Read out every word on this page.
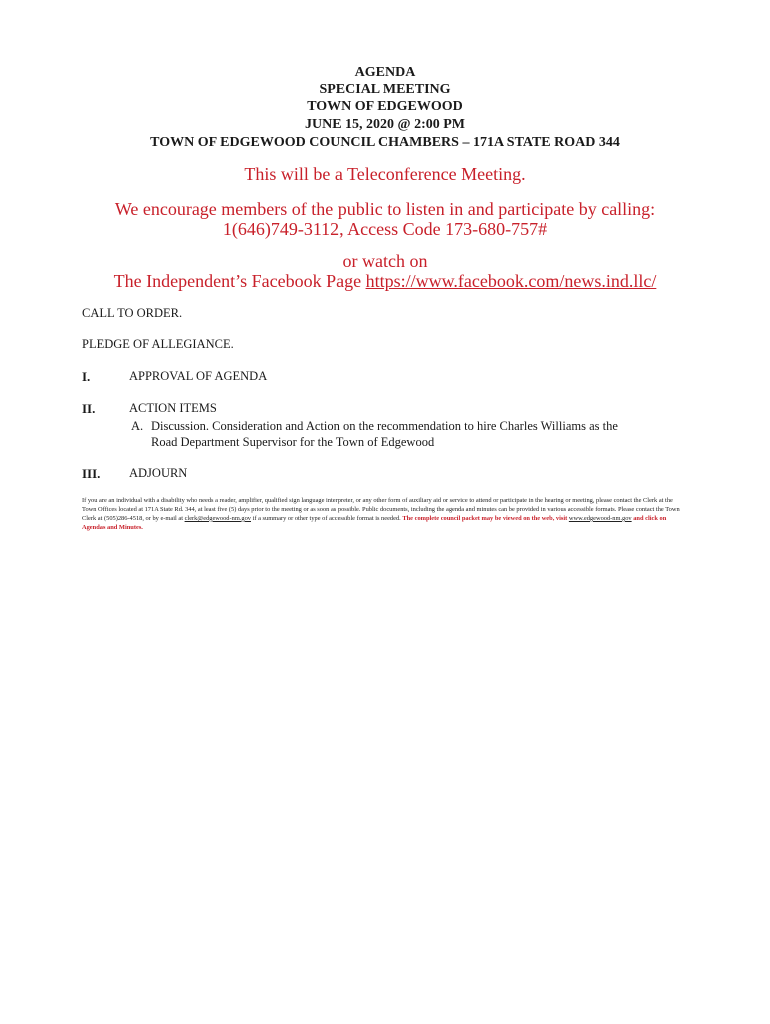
AGENDA
SPECIAL MEETING
TOWN OF EDGEWOOD
JUNE 15, 2020 @ 2:00 PM
TOWN OF EDGEWOOD COUNCIL CHAMBERS – 171A STATE ROAD 344
This will be a Teleconference Meeting.
We encourage members of the public to listen in and participate by calling:
1(646)749-3112, Access Code 173-680-757#
or watch on
The Independent’s Facebook Page https://www.facebook.com/news.ind.llc/
CALL TO ORDER.
PLEDGE OF ALLEGIANCE.
I.	APPROVAL OF AGENDA
II.	ACTION ITEMS
A. Discussion. Consideration and Action on the recommendation to hire Charles Williams as the
Road Department Supervisor for the Town of Edgewood
III. ADJOURN
If you are an individual with a disability who needs a reader, amplifier, qualified sign language interpreter, or any other form of auxiliary aid or service to attend or participate in the hearing or meeting, please contact the Clerk at the Town Offices located at 171A State Rd. 344, at least five (5) days prior to the meeting or as soon as possible. Public documents, including the agenda and minutes can be provided in various accessible formats. Please contact the Town Clerk at (505)286-4518, or by e-mail at clerk@edgewood-nm.gov if a summary or other type of accessible format is needed. The complete council packet may be viewed on the web, visit www.edgewood-nm.gov and click on Agendas and Minutes.
